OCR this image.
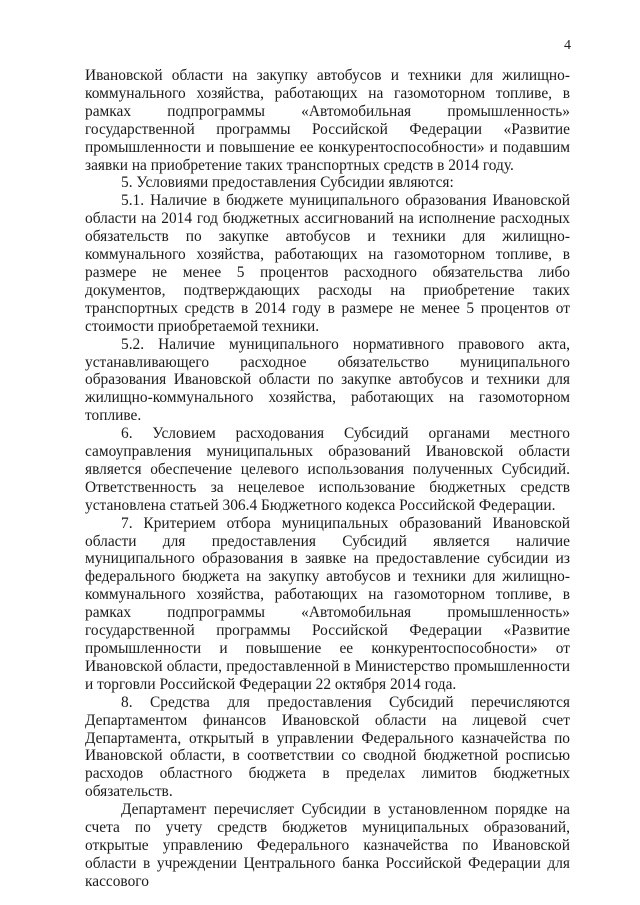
4

Ивановской области на закупку автобусов и техники для жилищно-коммунального хозяйства, работающих на газомоторном топливе, в рамках подпрограммы «Автомобильная промышленность» государственной программы Российской Федерации «Развитие промышленности и повышение ее конкурентоспособности» и подавшим заявки на приобретение таких транспортных средств в 2014 году.

5. Условиями предоставления Субсидии являются:

5.1. Наличие в бюджете муниципального образования Ивановской области на 2014 год бюджетных ассигнований на исполнение расходных обязательств по закупке автобусов и техники для жилищно-коммунального хозяйства, работающих на газомоторном топливе, в размере не менее 5 процентов расходного обязательства либо документов, подтверждающих расходы на приобретение таких транспортных средств в 2014 году в размере не менее 5 процентов от стоимости приобретаемой техники.

5.2. Наличие муниципального нормативного правового акта, устанавливающего расходное обязательство муниципального образования Ивановской области по закупке автобусов и техники для жилищно-коммунального хозяйства, работающих на газомоторном топливе.

6. Условием расходования Субсидий органами местного самоуправления муниципальных образований Ивановской области является обеспечение целевого использования полученных Субсидий. Ответственность за нецелевое использование бюджетных средств установлена статьей 306.4 Бюджетного кодекса Российской Федерации.

7. Критерием отбора муниципальных образований Ивановской области для предоставления Субсидий является наличие муниципального образования в заявке на предоставление субсидии из федерального бюджета на закупку автобусов и техники для жилищно-коммунального хозяйства, работающих на газомоторном топливе, в рамках подпрограммы «Автомобильная промышленность» государственной программы Российской Федерации «Развитие промышленности и повышение ее конкурентоспособности» от Ивановской области, предоставленной в Министерство промышленности и торговли Российской Федерации 22 октября 2014 года.

8. Средства для предоставления Субсидий перечисляются Департаментом финансов Ивановской области на лицевой счет Департамента, открытый в управлении Федерального казначейства по Ивановской области, в соответствии со сводной бюджетной росписью расходов областного бюджета в пределах лимитов бюджетных обязательств.

Департамент перечисляет Субсидии в установленном порядке на счета по учету средств бюджетов муниципальных образований, открытые управлению Федерального казначейства по Ивановской области в учреждении Центрального банка Российской Федерации для кассового
